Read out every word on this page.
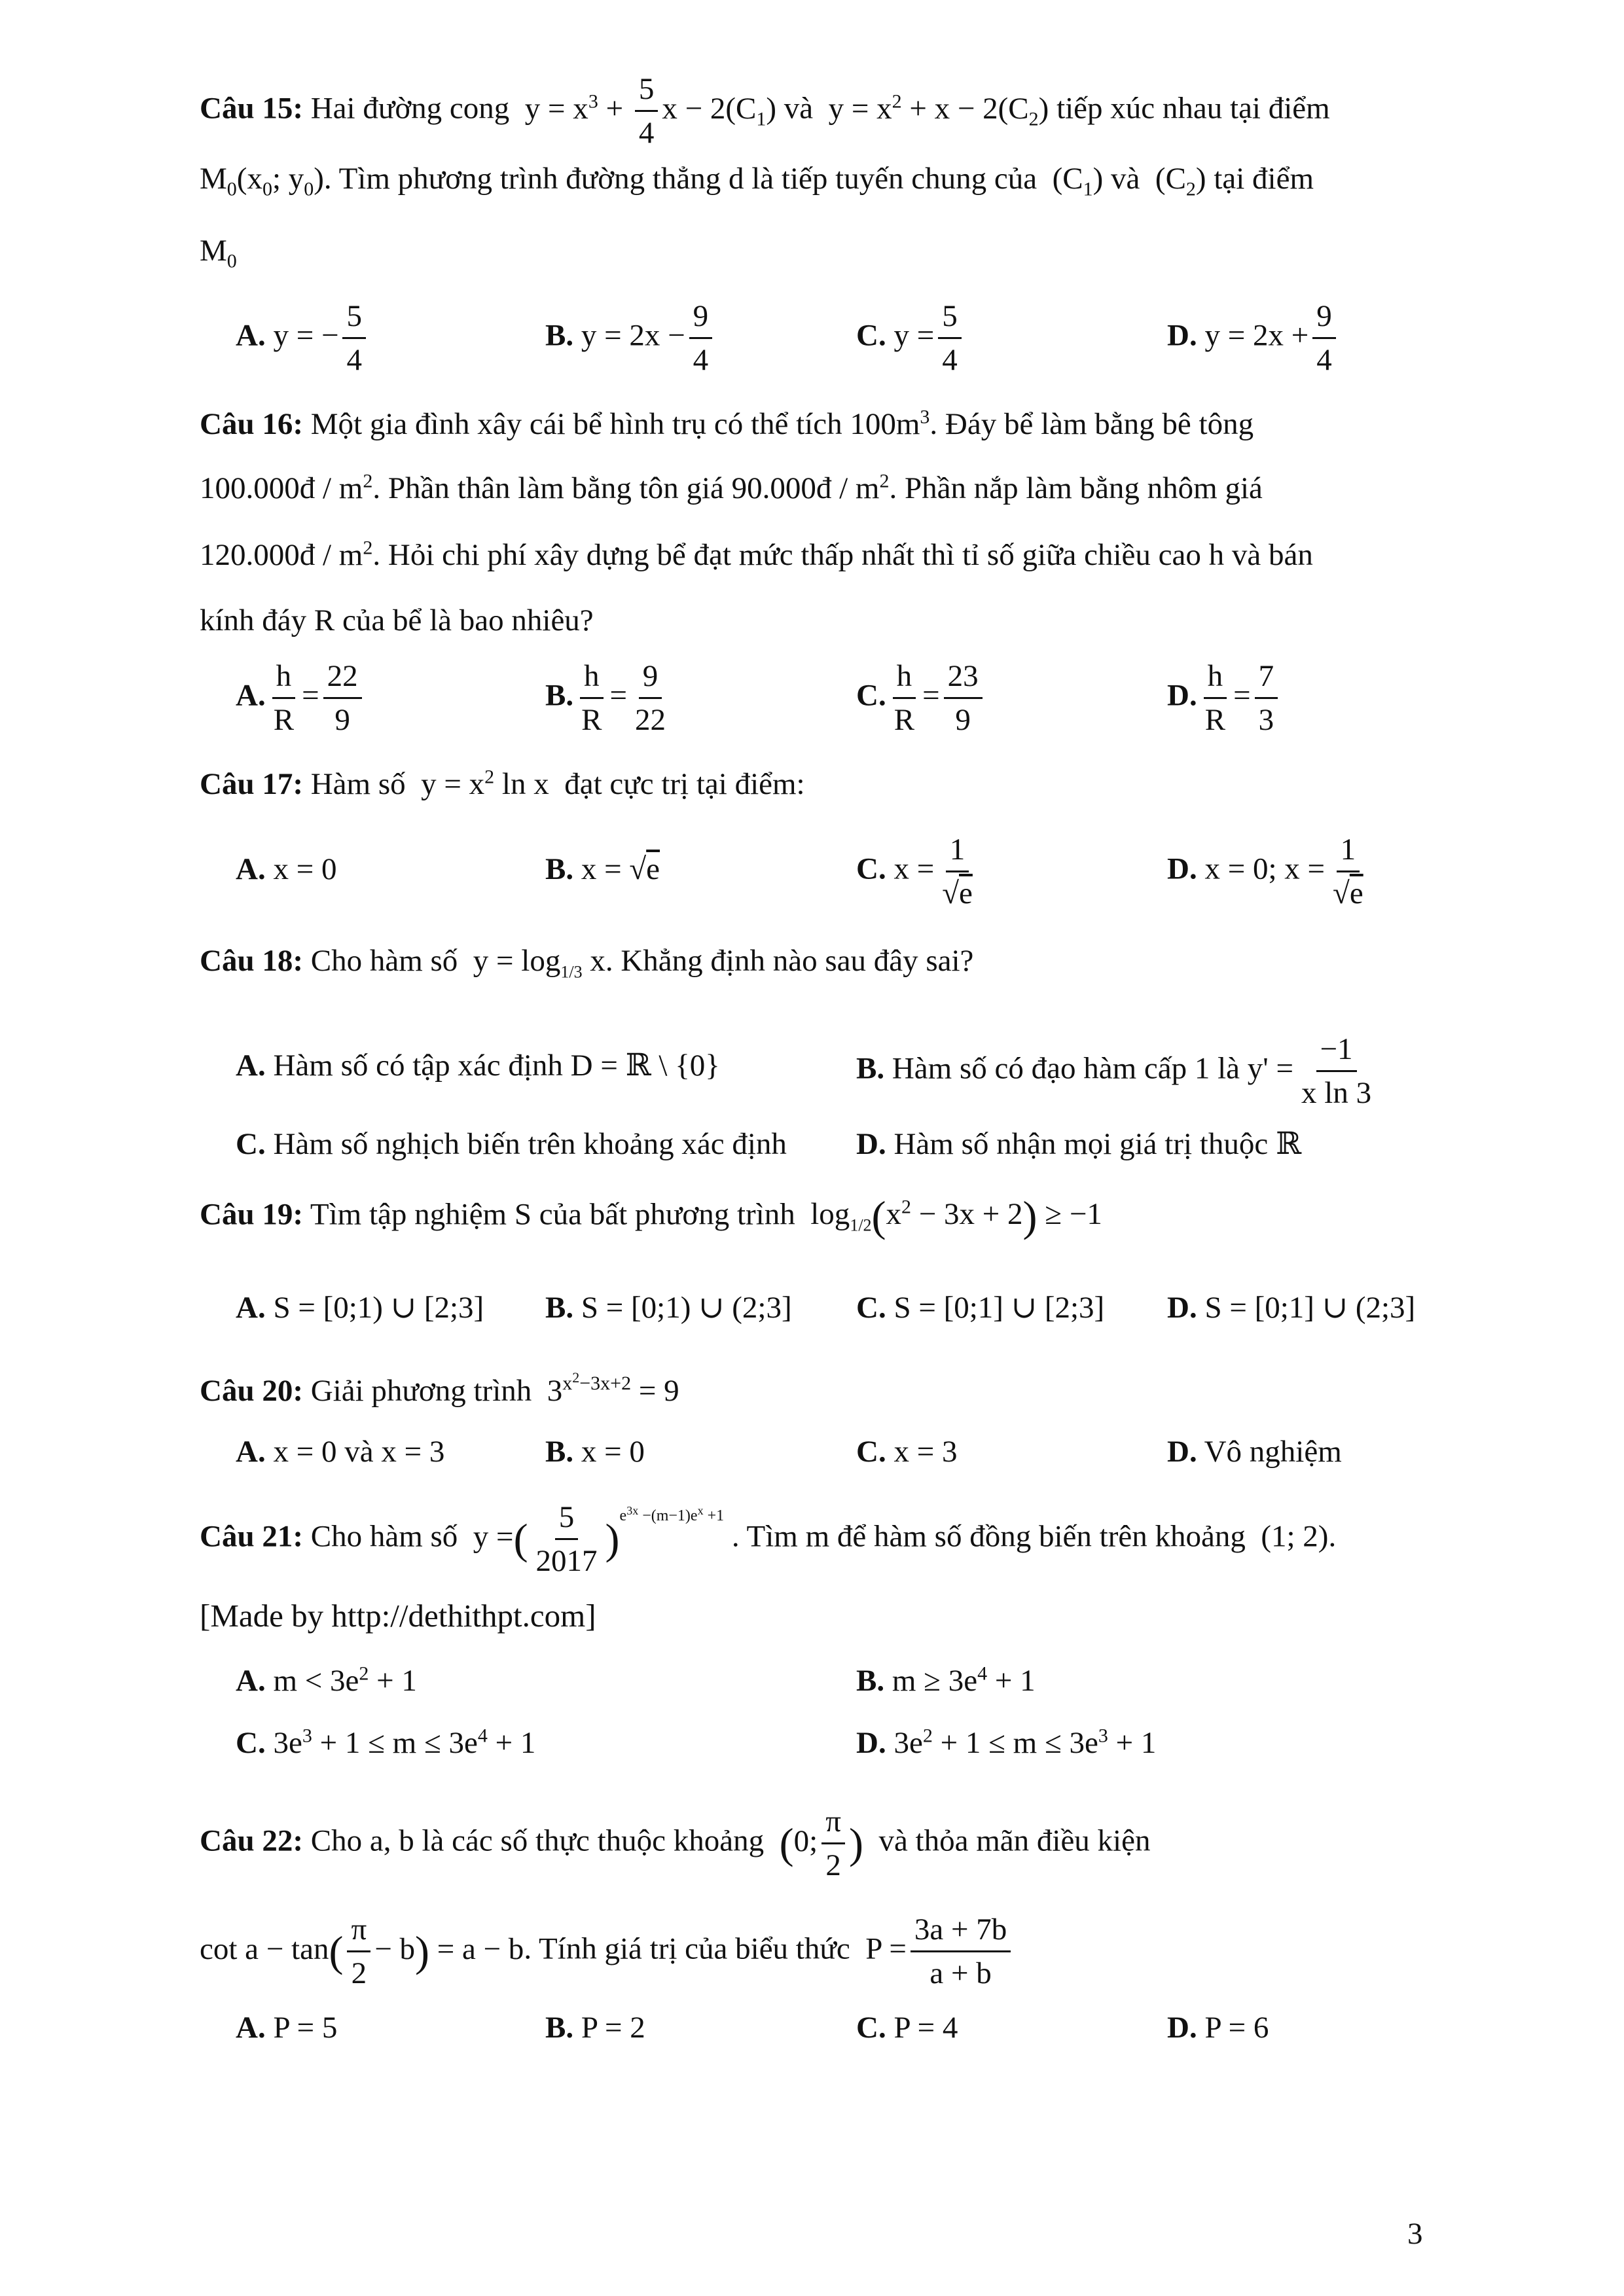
Câu 15: Hai đường cong  $y = x^3 + \frac{5}{4}$ $x - 2(C_1)$ và  $y = x^2 + x - 2(C_2)$ tiếp xúc nhau tại điểm
$M_0(x_0$; $y_0$). Tìm phương trình đường thẳng d là tiếp tuyến chung của  $(C_1)$ và  $(C_2)$ tại điểm
$M_0$
A. y = − $\frac{5}{4}$	B. $y = 2x - \frac{9}{4}$	C. $y = \frac{5}{4}$	D. $y = 2x + \frac{9}{4}$
Câu 16: Một gia đình xây cái bể hình trụ có thể tích $100m^3$. Đáy bể làm bằng bê tông
100.000đ / $m^2$. Phần thân làm bằng tôn giá 90.000đ / $m^2$. Phần nắp làm bằng nhôm giá
120.000đ / $m^2$. Hỏi chi phí xây dựng bể đạt mức thấp nhất thì tỉ số giữa chiều cao h và bán
kính đáy R của bể là bao nhiêu?
A. $\frac{h}{R} = \frac{22}{9}$	B. $\frac{h}{R} = \frac{9}{22}$	C. $\frac{h}{R} = \frac{23}{9}$	D. $\frac{h}{R} = \frac{7}{3}$
Câu 17: Hàm số  $y = x^2$ ln x  đạt cực trị tại điểm:
A. x = 0	B. x = √e	C. $x = \frac{1}{√e}$	D. x = 0; $x = \frac{1}{√e}$
Câu 18: Cho hàm số  $y = \log_{1/3} x$. Khẳng định nào sau đây sai?
A. Hàm số có tập xác định D = ℝ \ {0}	B. Hàm số có đạo hàm cấp 1 là $y' = \frac{-1}{\text{x ln 3}}$
C. Hàm số nghịch biến trên khoảng xác định D. Hàm số nhận mọi giá trị thuộc ℝ
Câu 19: Tìm tập nghiệm S của bất phương trình  $\log_{1/2}(x^2 - 3x + 2) \ge -1$
A. S = [0;1) ∪ [2;3] B. S = [0;1) ∪ (2;3] C. S = [0;1] ∪ [2;3] D. S = [0;1] ∪ (2;3]
Câu 20: Giải phương trình  $3^{x^2-3x+2} = 9$
A. x = 0 và x = 3	B. x = 0	C. x = 3	D. Vô nghiệm
Câu 21: Cho hàm số  y =( $\frac{5}{2017} )^{e^{3x} -(m-1)e^x +1}$ . Tìm m để hàm số đồng biến trên khoảng  (1; 2).
[Made by http://dethithpt.com]
A. $m < 3e^2 + 1$	B. $m \ge 3e^4 + 1$
C. $3e^3 + 1 \le m \le 3e^4 + 1$	D. $3e^2 + 1 \le m \le 3e^3 + 1$
Câu 22: Cho a, b là các số thực thuộc khoảng (0; $\frac{\pi}{2}$ ) và thỏa mãn điều kiện
$\cot a - \tan( \frac{\pi}{2} - b) = a - b$. Tính giá trị của biểu thức  $P = \frac{3a + 7b}{a + b}$
A. P = 5	B. P = 2	C. P = 4	D. P = 6
3
